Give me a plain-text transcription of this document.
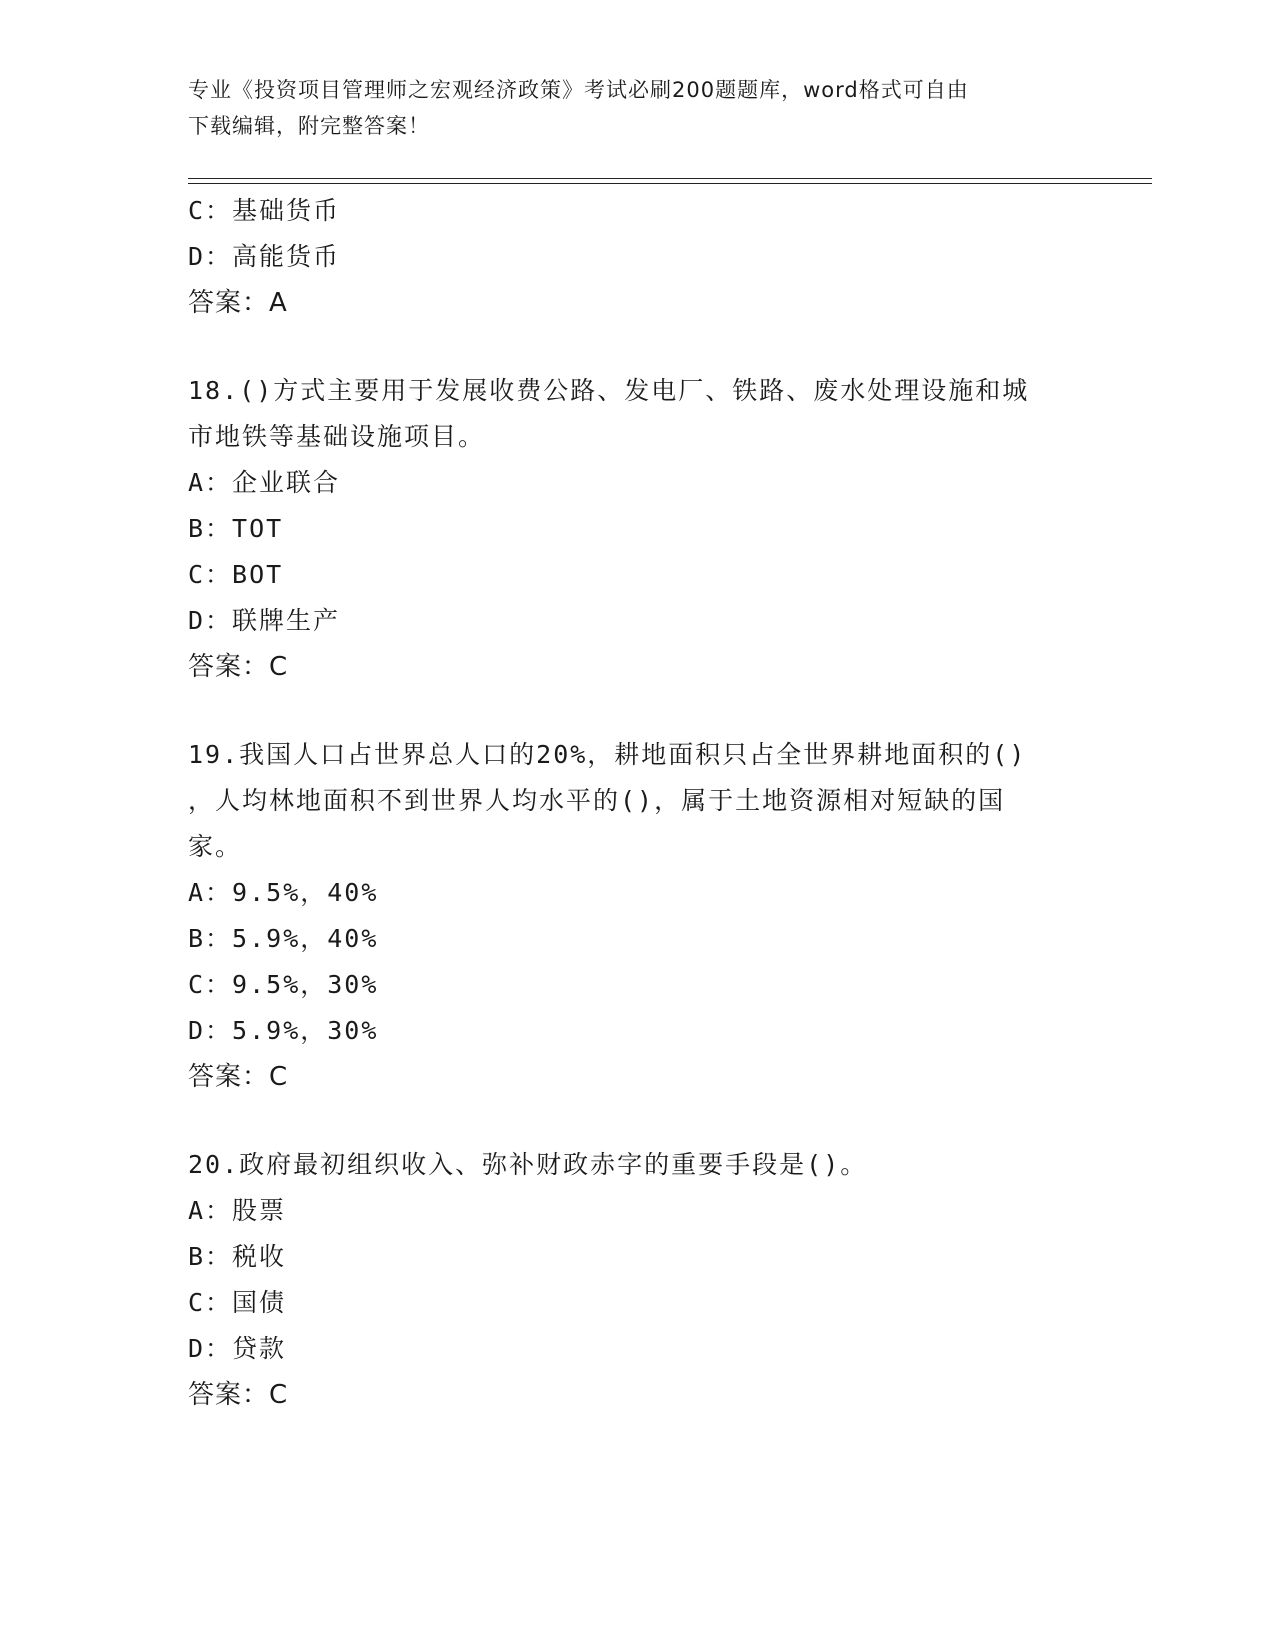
专业《投资项目管理师之宏观经济政策》考试必刷200题题库，word格式可自由
下载编辑，附完整答案！
C：基础货币
D：高能货币
答案：A
18.()方式主要用于发展收费公路、发电厂、铁路、废水处理设施和城
市地铁等基础设施项目。
A：企业联合
B：TOT
C：BOT
D：联牌生产
答案：C
19.我国人口占世界总人口的20%，耕地面积只占全世界耕地面积的()
，人均林地面积不到世界人均水平的()，属于土地资源相对短缺的国
家。
A：9.5%，40%
B：5.9%，40%
C：9.5%，30%
D：5.9%，30%
答案：C
20.政府最初组织收入、弥补财政赤字的重要手段是()。
A：股票
B：税收
C：国债
D：贷款
答案：C
